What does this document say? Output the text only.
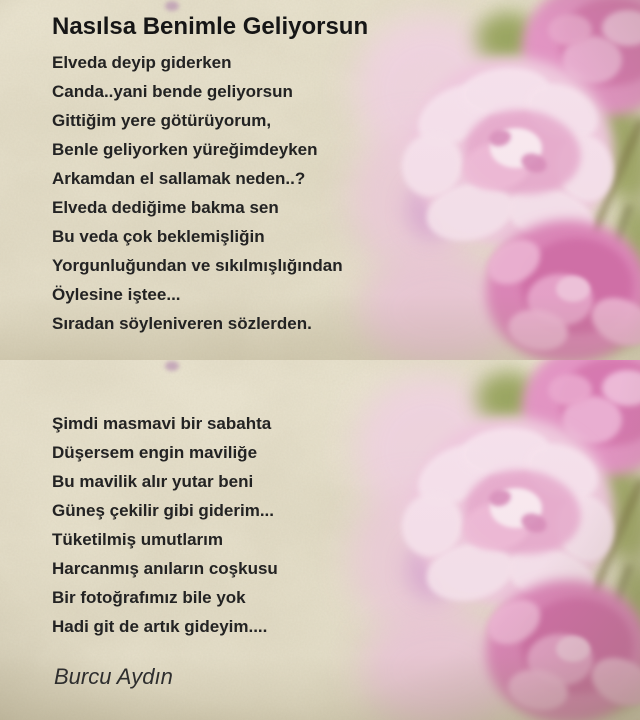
Nasılsa Benimle Geliyorsun
Elveda deyip giderken
Canda..yani bende geliyorsun
Gittiğim yere götürüyorum,
Benle geliyorken yüreğimdeyken
Arkamdan el sallamak neden..?
Elveda dediğime bakma sen
Bu veda çok beklemişliğin
Yorgunluğundan ve sıkılmışlığından
Öylesine iştee...
Sıradan söyleniveren sözlerden.
Şimdi masmavi bir sabahta
Düşersem engin maviliğe
Bu mavilik alır yutar beni
Güneş çekilir gibi giderim...
Tüketilmiş umutlarım
Harcanmış anıların coşkusu
Bir fotoğrafımız bile yok
Hadi git de artık gideyim....
Burcu Aydın
